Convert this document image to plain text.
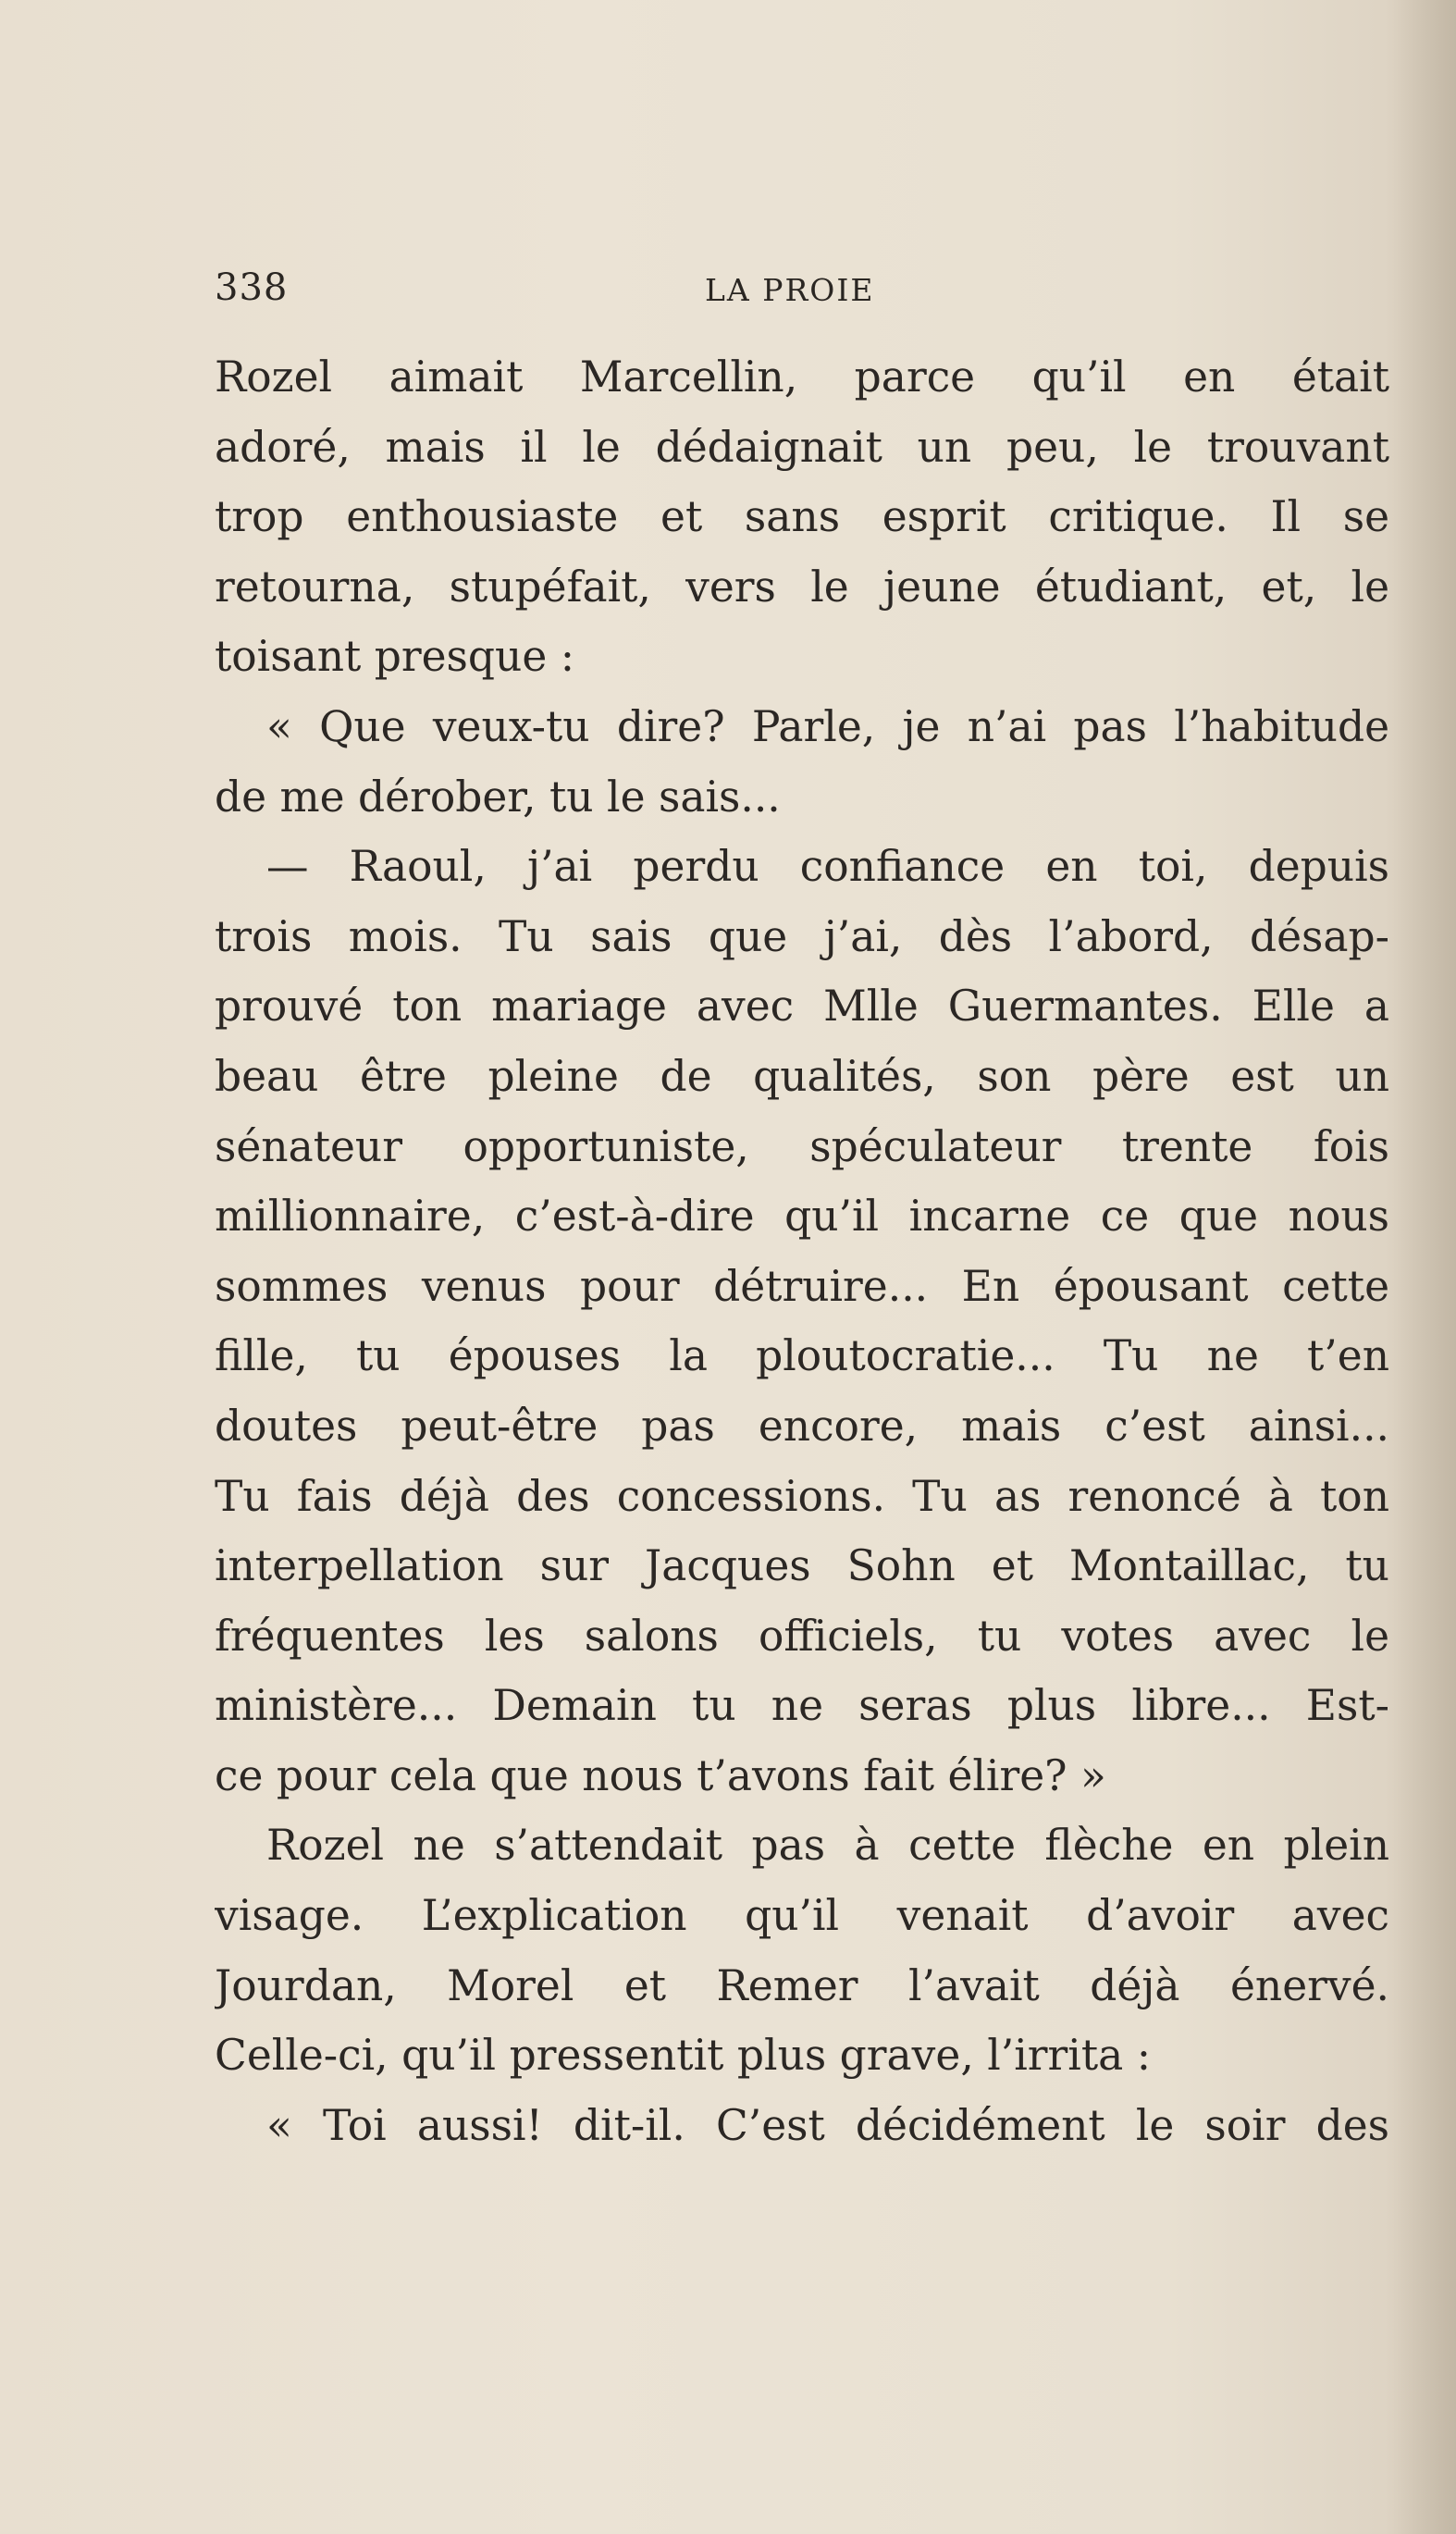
338	LA PROIE
Rozel aimait Marcellin, parce qu’il en était
adoré, mais il le dédaignait un peu, le trouvant
trop enthousiaste et sans esprit critique. Il se
retourna, stupéfait, vers le jeune étudiant, et, le
toisant presque :
« Que veux-tu dire? Parle, je n’ai pas l’habitude
de me dérober, tu le sais...
— Raoul, j’ai perdu confiance en toi, depuis
trois mois. Tu sais que j’ai, dès l’abord, désap-
prouvé ton mariage avec Mlle Guermantes. Elle a
beau être pleine de qualités, son père est un
sénateur opportuniste, spéculateur trente fois
millionnaire, c’est-à-dire qu’il incarne ce que nous
sommes venus pour détruire... En épousant cette
fille, tu épouses la ploutocratie... Tu ne t’en
doutes peut-être pas encore, mais c’est ainsi...
Tu fais déjà des concessions. Tu as renoncé à ton
interpellation sur Jacques Sohn et Montaillac, tu
fréquentes les salons officiels, tu votes avec le
ministère... Demain tu ne seras plus libre... Est-
ce pour cela que nous t’avons fait élire? »
Rozel ne s’attendait pas à cette flèche en plein
visage. L’explication qu’il venait d’avoir avec
Jourdan, Morel et Remer l’avait déjà énervé.
Celle-ci, qu’il pressentit plus grave, l’irrita :
« Toi aussi! dit-il. C’est décidément le soir des
